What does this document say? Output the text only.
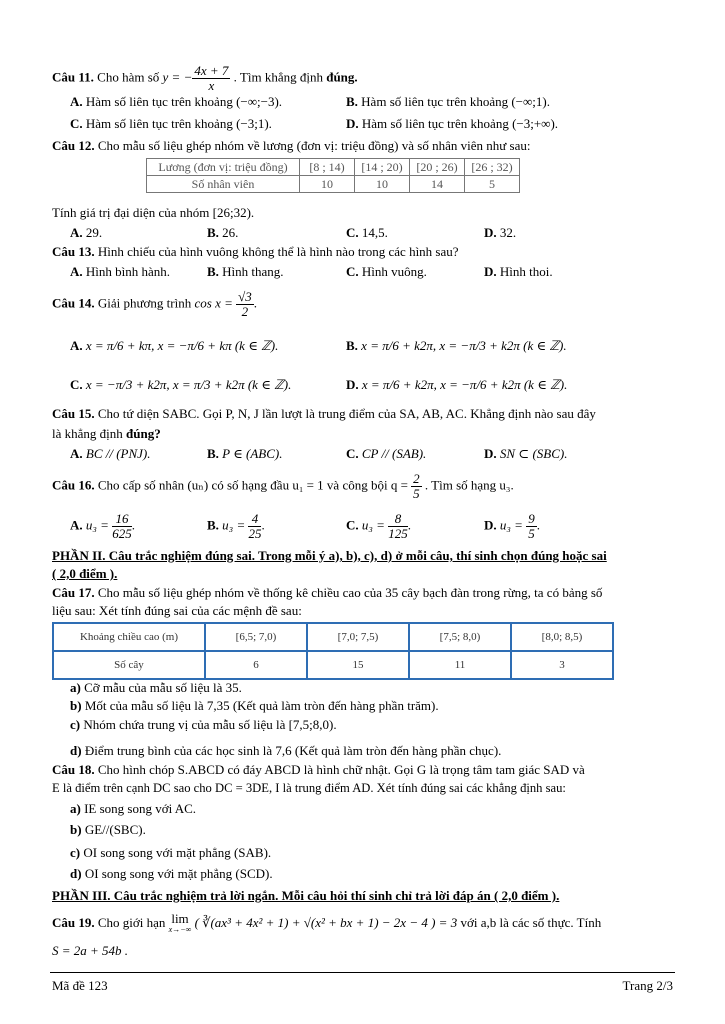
Câu 11. Cho hàm số y = − $\frac{4x + 7}{x}$ . Tìm khẳng định đúng.
A. Hàm số liên tục trên khoảng (−∞;−3).	B. Hàm số liên tục trên khoảng (−∞;1).
C. Hàm số liên tục trên khoảng (−3;1).	D. Hàm số liên tục trên khoảng (−3;+∞).
Câu 12. Cho mẫu số liệu ghép nhóm về lương (đơn vị: triệu đồng) và số nhân viên như sau:
Lương (đơn vị: triệu đồng)	[8 ; 14)	[14 ; 20)	[20 ; 26)	[26 ; 32)
Số nhân viên	10	10	14	5
Tính giá trị đại diện của nhóm [26;32).
A. 29.	B. 26.	C. 14,5.	D. 32.
Câu 13. Hình chiếu của hình vuông không thể là hình nào trong các hình sau?
A. Hình bình hành.	B. Hình thang.	C. Hình vuông.	D. Hình thoi.
Câu 14. Giải phương trình $\cos x = \frac{√3}{2}$ .
A. x = π/6 + kπ, x = −π/6 + kπ (k ∈ ℤ).	B. x = π/6 + k2π, x = −π/3 + k2π (k ∈ ℤ).
C. x = −π/3 + k2π, x = π/3 + k2π (k ∈ ℤ).	D. x = π/6 + k2π, x = −π/6 + k2π (k ∈ ℤ).
Câu 15. Cho tứ diện SABC. Gọi P, N, J lần lượt là trung điểm của SA, AB, AC. Khẳng định nào sau đây
là khẳng định đúng?
A. BC // (PNJ).	B. P ∈ (ABC).	C. CP // (SAB).	D. SN ⊂ (SBC).
Câu 16. Cho cấp số nhân (uₙ) có số hạng đầu u₁ = 1 và công bội $q = \frac{2}{5}$ . Tìm số hạng u₃.
A. $u_3 = \frac{16}{625}$ .	B. $u_3 = \frac{4}{25}$ .	C. $u_3 = \frac{8}{125}$ .	D. $u_3 = \frac{9}{5}$ .
PHẦN II. Câu trắc nghiệm đúng sai. Trong mỗi ý a), b), c), d) ở mỗi câu, thí sinh chọn đúng hoặc sai
( 2,0 điểm ).
Câu 17. Cho mẫu số liệu ghép nhóm về thống kê chiều cao của 35 cây bạch đàn trong rừng, ta có bảng số
liệu sau: Xét tính đúng sai của các mệnh đề sau:
Khoảng chiều cao (m)	[6,5; 7,0)	[7,0; 7,5)	[7,5; 8,0)	[8,0; 8,5)
Số cây	6	15	11	3
a) Cỡ mẫu của mẫu số liệu là 35.
b) Mốt của mẫu số liệu là 7,35 (Kết quả làm tròn đến hàng phần trăm).
c) Nhóm chứa trung vị của mẫu số liệu là [7,5;8,0).
d) Điểm trung bình của các học sinh là 7,6 (Kết quả làm tròn đến hàng phần chục).
Câu 18. Cho hình chóp S.ABCD có đáy ABCD là hình chữ nhật. Gọi G là trọng tâm tam giác SAD và
E là điểm trên cạnh DC sao cho DC = 3DE, I là trung điểm AD. Xét tính đúng sai các khẳng định sau:
a) IE song song với AC.
b) GE//(SBC).
c) OI song song với mặt phẳng (SAB).
d) OI song song với mặt phẳng (SCD).
PHẦN III. Câu trắc nghiệm trả lời ngắn. Mỗi câu hỏi thí sinh chỉ trả lời đáp án ( 2,0 điểm ).
Câu 19. Cho giới hạn lim
x→−∞ ( ∛(ax³ + 4x² + 1) + √(x² + bx + 1) − 2x − 4 ) = 3 với a,b là các số thực. Tính
S = 2a + 54b .
Mã đề 123	Trang 2/3
